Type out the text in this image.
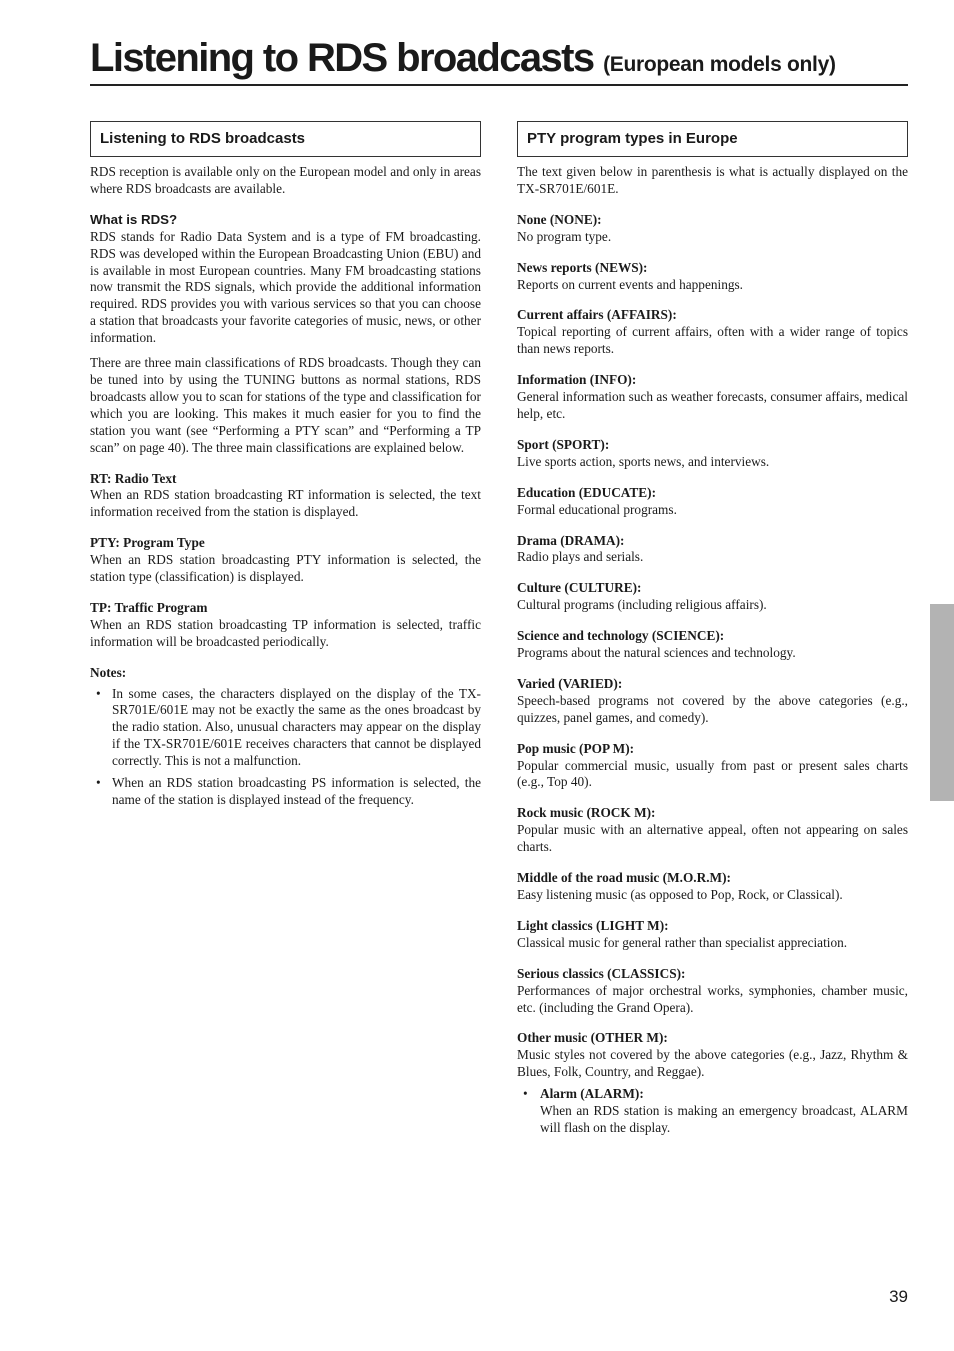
Listening to RDS broadcasts (European models only)
Listening to RDS broadcasts

RDS reception is available only on the European model and only in areas where RDS broadcasts are available.

What is RDS?

RDS stands for Radio Data System and is a type of FM broadcasting. RDS was developed within the European Broadcasting Union (EBU) and is available in most European countries. Many FM broadcasting stations now transmit the RDS signals, which provide the additional information required. RDS provides you with various services so that you can choose a station that broadcasts your favorite categories of music, news, or other information.

There are three main classifications of RDS broadcasts. Though they can be tuned into by using the TUNING buttons as normal stations, RDS broadcasts allow you to scan for stations of the type and classification for which you are looking. This makes it much easier for you to find the station you want (see “Performing a PTY scan” and “Performing a TP scan” on page 40). The three main classifications are explained below.

RT: Radio Text

When an RDS station broadcasting RT information is selected, the text information received from the station is displayed.

PTY: Program Type

When an RDS station broadcasting PTY information is selected, the station type (classification) is displayed.

TP: Traffic Program

When an RDS station broadcasting TP information is selected, traffic information will be broadcasted periodically.

Notes:
• In some cases, the characters displayed on the display of the TX-SR701E/601E may not be exactly the same as the ones broadcast by the radio station. Also, unusual characters may appear on the display if the TX-SR701E/601E receives characters that cannot be displayed correctly. This is not a malfunction.
• When an RDS station broadcasting PS information is selected, the name of the station is displayed instead of the frequency.
PTY program types in Europe

The text given below in parenthesis is what is actually displayed on the TX-SR701E/601E.

None (NONE):
No program type.
News reports (NEWS):
Reports on current events and happenings.
Current affairs (AFFAIRS):
Topical reporting of current affairs, often with a wider range of topics than news reports.
Information (INFO):
General information such as weather forecasts, consumer affairs, medical help, etc.
Sport (SPORT):
Live sports action, sports news, and interviews.
Education (EDUCATE):
Formal educational programs.
Drama (DRAMA):
Radio plays and serials.
Culture (CULTURE):
Cultural programs (including religious affairs).
Science and technology (SCIENCE):
Programs about the natural sciences and technology.
Varied (VARIED):
Speech-based programs not covered by the above categories (e.g., quizzes, panel games, and comedy).
Pop music (POP M):
Popular commercial music, usually from past or present sales charts (e.g., Top 40).
Rock music (ROCK M):
Popular music with an alternative appeal, often not appearing on sales charts.
Middle of the road music (M.O.R.M):
Easy listening music (as opposed to Pop, Rock, or Classical).
Light classics (LIGHT M):
Classical music for general rather than specialist appreciation.
Serious classics (CLASSICS):
Performances of major orchestral works, symphonies, chamber music, etc. (including the Grand Opera).
Other music (OTHER M):
Music styles not covered by the above categories (e.g., Jazz, Rhythm & Blues, Folk, Country, and Reggae).
• Alarm (ALARM):
When an RDS station is making an emergency broadcast, ALARM will flash on the display.
39
